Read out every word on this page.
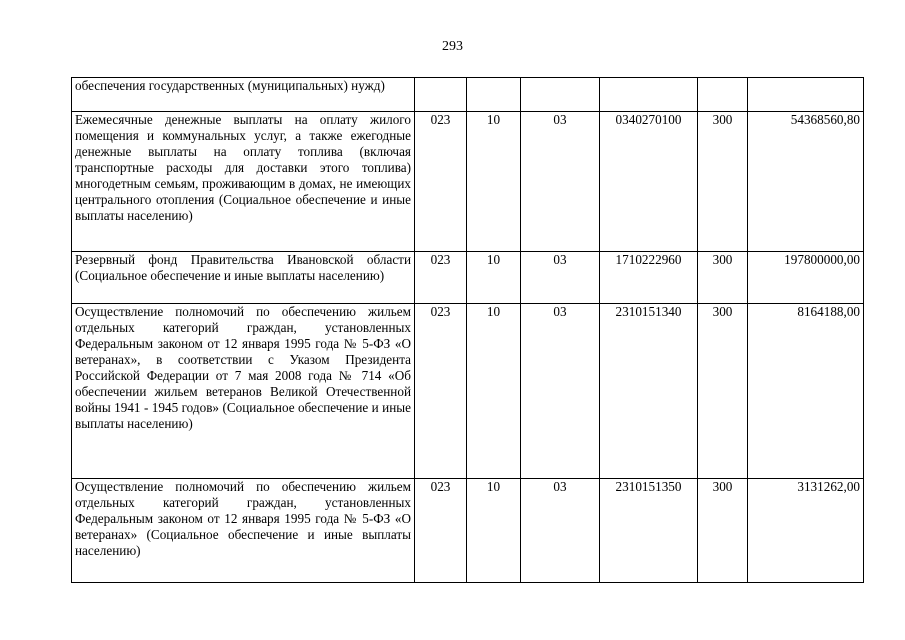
293
обеспечения государственных (муниципальных) нужд)						
Ежемесячные денежные выплаты на оплату жилого помещения и коммунальных услуг, а также ежегодные денежные выплаты на оплату топлива (включая транспортные расходы для доставки этого топлива) многодетным семьям, проживающим в домах, не имеющих центрального отопления (Социальное обеспечение и иные выплаты населению)	023	10	03	0340270100	300	54368560,80
Резервный фонд Правительства Ивановской области (Социальное обеспечение и иные выплаты населению)	023	10	03	1710222960	300	197800000,00
Осуществление полномочий по обеспечению жильем отдельных категорий граждан, установленных Федеральным законом от 12 января 1995 года № 5-ФЗ «О ветеранах», в соответствии с Указом Президента Российской Федерации от 7 мая 2008 года № 714 «Об обеспечении жильем ветеранов Великой Отечественной войны 1941 - 1945 годов» (Социальное обеспечение и иные выплаты населению)	023	10	03	2310151340	300	8164188,00
Осуществление полномочий по обеспечению жильем отдельных категорий граждан, установленных Федеральным законом от 12 января 1995 года № 5-ФЗ «О ветеранах» (Социальное обеспечение и иные выплаты населению)	023	10	03	2310151350	300	3131262,00
